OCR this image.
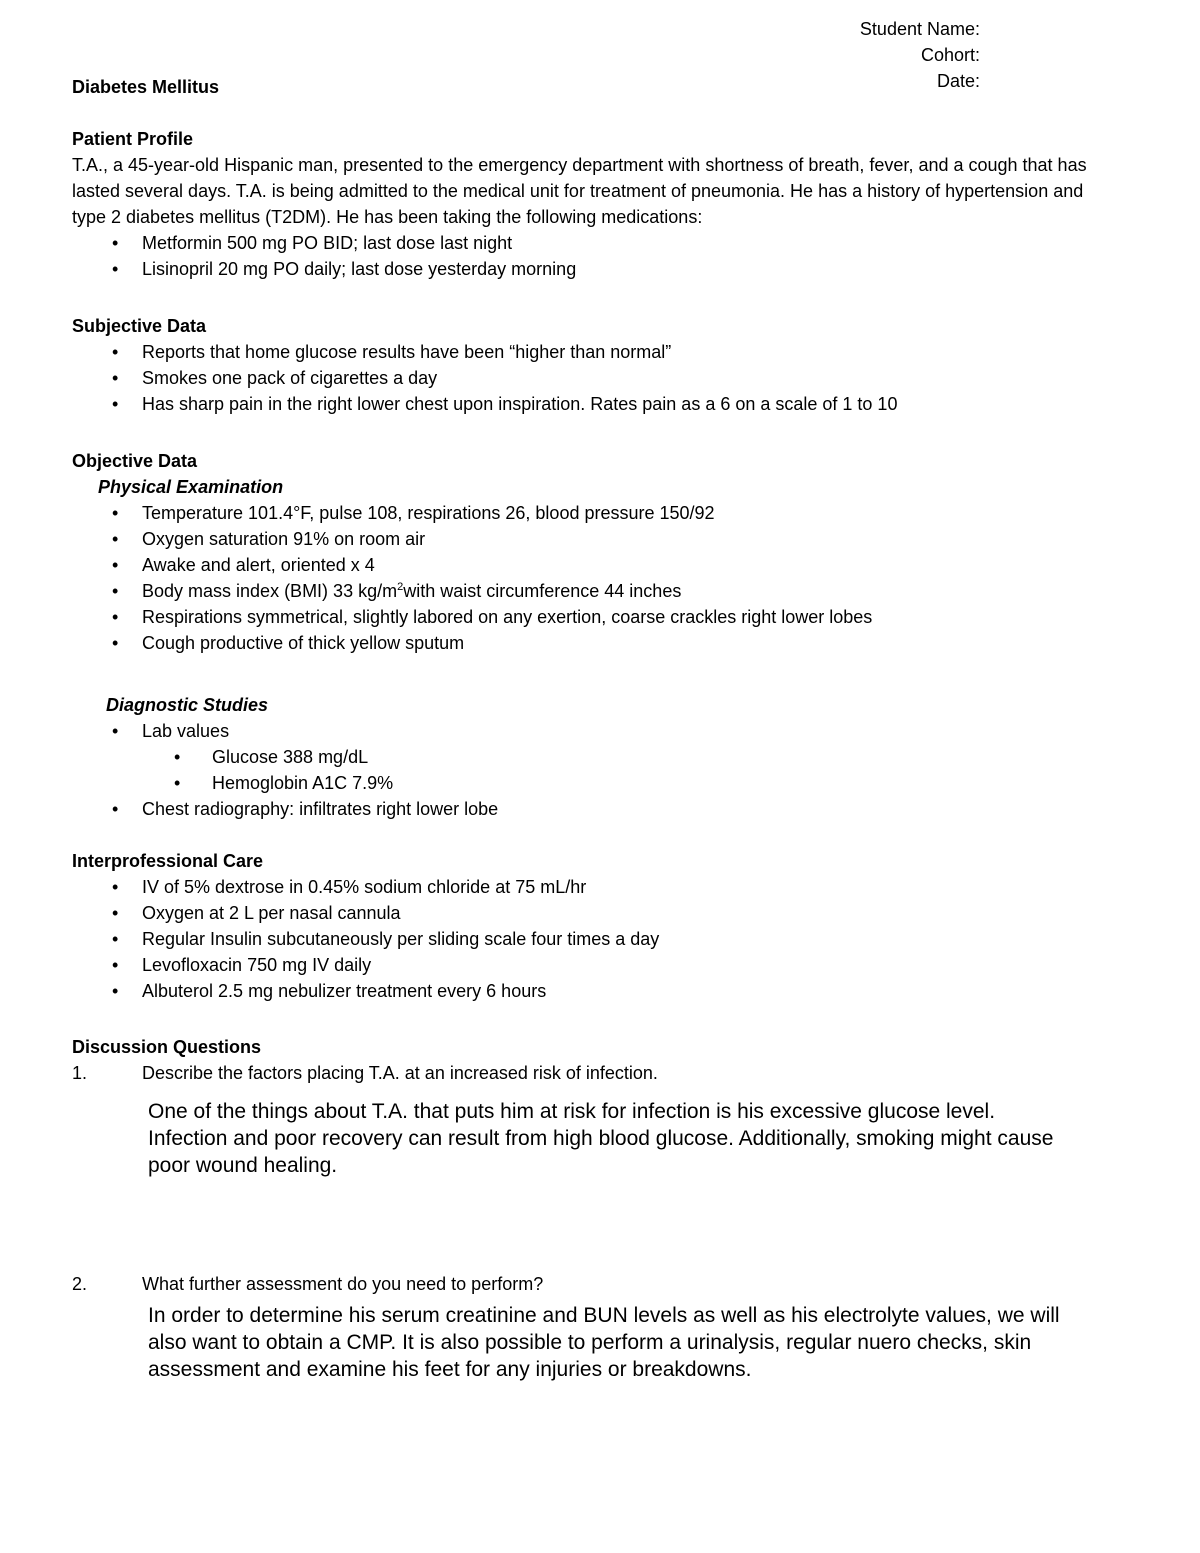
Student Name:
Cohort:
Date:
Diabetes Mellitus
Patient Profile
T.A., a 45-year-old Hispanic man, presented to the emergency department with shortness of breath, fever, and a cough that has lasted several days. T.A. is being admitted to the medical unit for treatment of pneumonia. He has a history of hypertension and type 2 diabetes mellitus (T2DM). He has been taking the following medications:
• Metformin 500 mg PO BID; last dose last night
• Lisinopril 20 mg PO daily; last dose yesterday morning
Subjective Data
• Reports that home glucose results have been “higher than normal”
• Smokes one pack of cigarettes a day
• Has sharp pain in the right lower chest upon inspiration. Rates pain as a 6 on a scale of 1 to 10
Objective Data
Physical Examination
• Temperature 101.4°F, pulse 108, respirations 26, blood pressure 150/92
• Oxygen saturation 91% on room air
• Awake and alert, oriented x 4
• Body mass index (BMI) 33 $kg/m^2with$ waist circumference 44 inches
• Respirations symmetrical, slightly labored on any exertion, coarse crackles right lower lobes
• Cough productive of thick yellow sputum
Diagnostic Studies
• Lab values
• Glucose 388 mg/dL
• Hemoglobin A1C 7.9%
• Chest radiography: infiltrates right lower lobe
Interprofessional Care
• IV of 5% dextrose in 0.45% sodium chloride at 75 mL/hr
• Oxygen at 2 L per nasal cannula
• Regular Insulin subcutaneously per sliding scale four times a day
• Levofloxacin 750 mg IV daily
• Albuterol 2.5 mg nebulizer treatment every 6 hours
Discussion Questions
1.	Describe the factors placing T.A. at an increased risk of infection.
One of the things about T.A. that puts him at risk for infection is his excessive glucose level. Infection and poor recovery can result from high blood glucose. Additionally, smoking might cause poor wound healing.
2.	What further assessment do you need to perform?
In order to determine his serum creatinine and BUN levels as well as his electrolyte values, we will also want to obtain a CMP. It is also possible to perform a urinalysis, regular nuero checks, skin assessment and examine his feet for any injuries or breakdowns.
